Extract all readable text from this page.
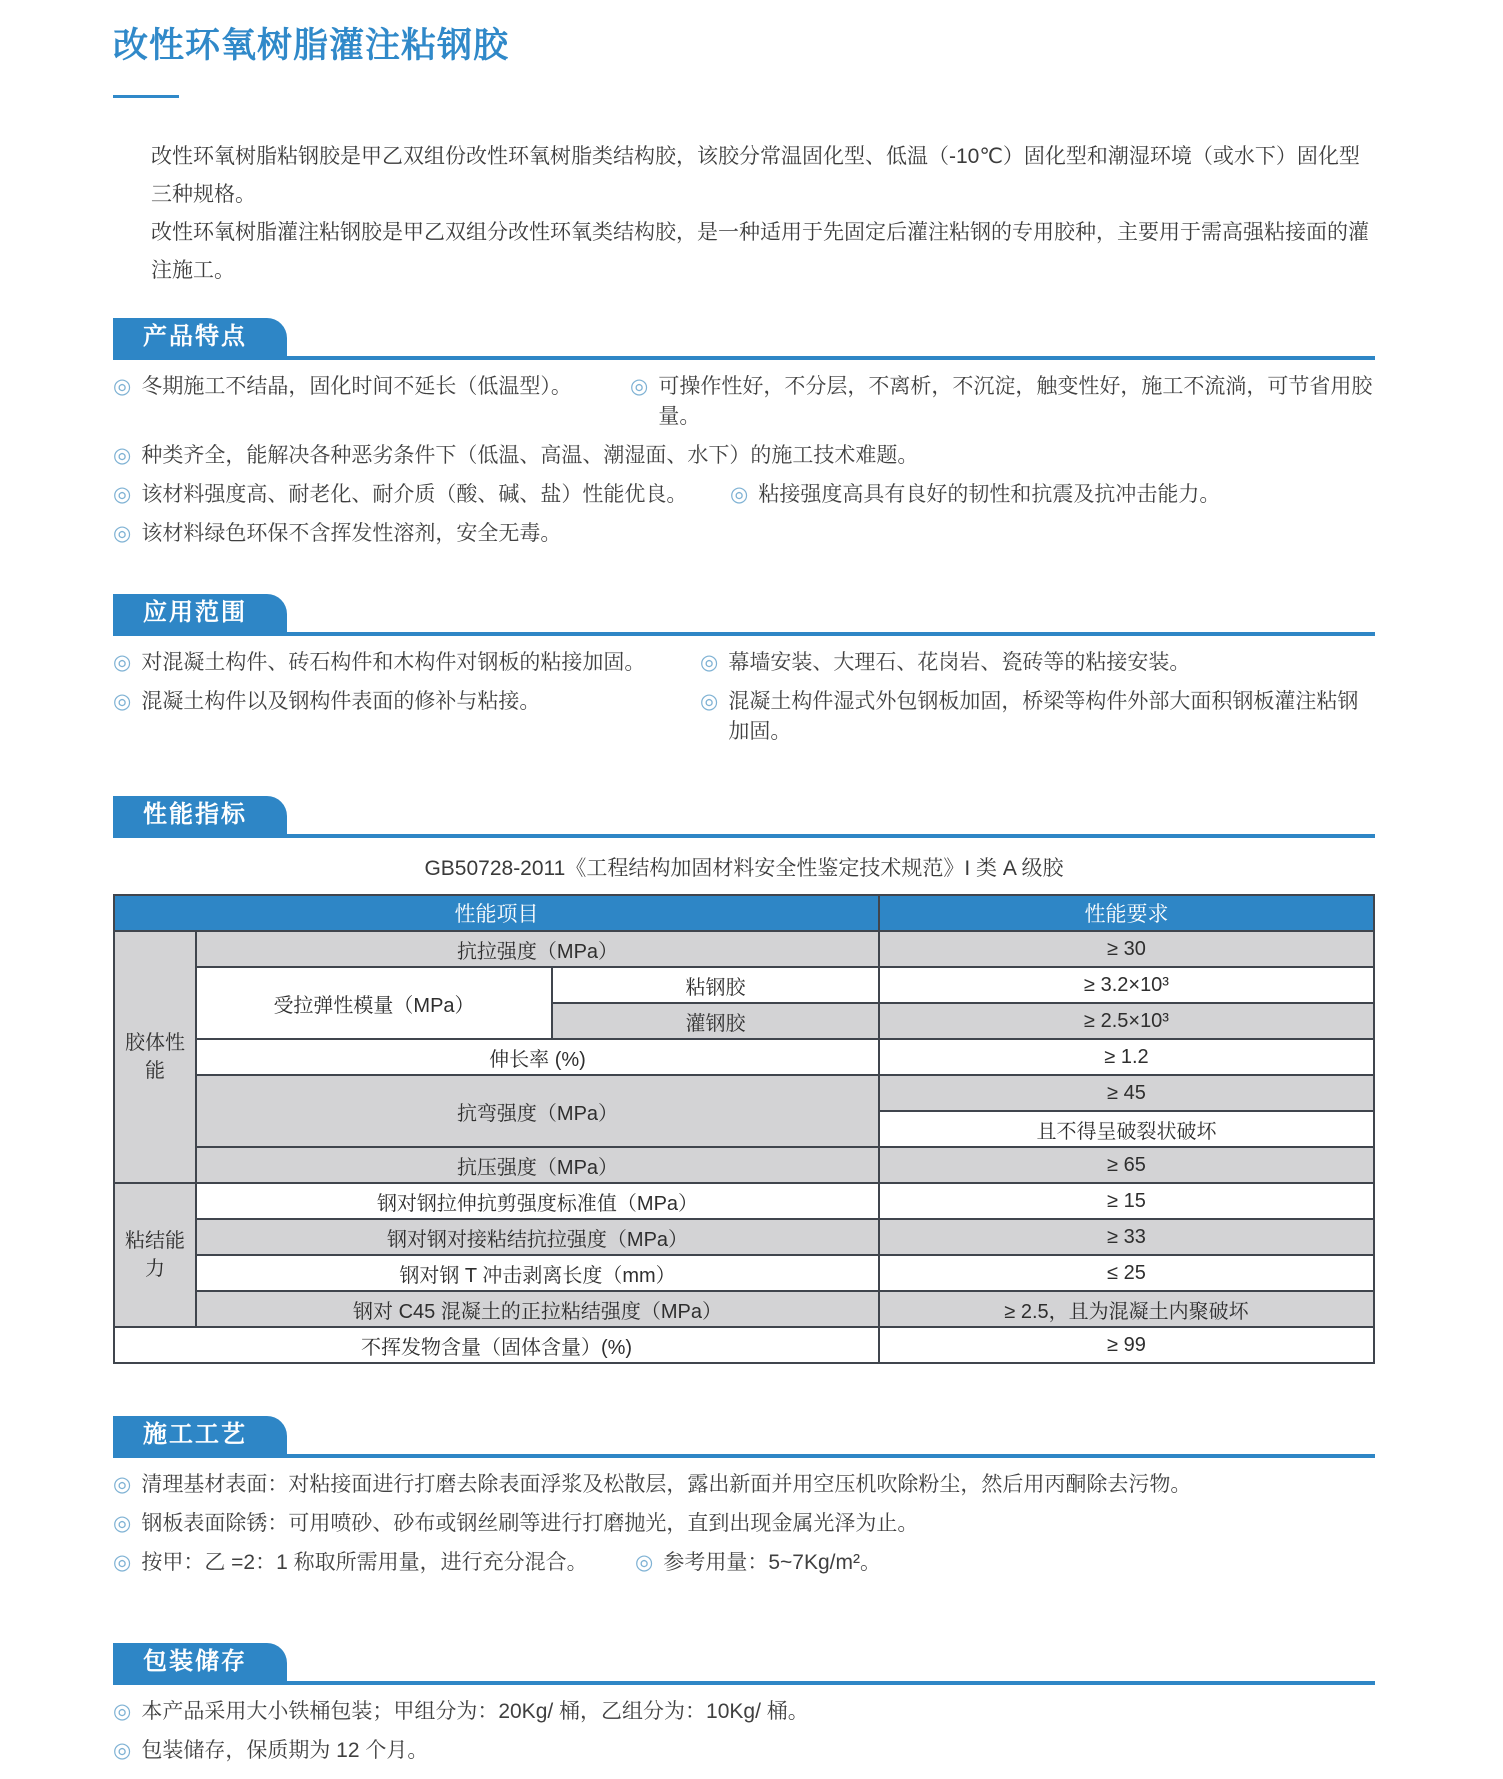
改性环氧树脂灌注粘钢胶

改性环氧树脂粘钢胶是甲乙双组份改性环氧树脂类结构胶，该胶分常温固化型、低温（-10℃）固化型和潮湿环境（或水下）固化型三种规格。

改性环氧树脂灌注粘钢胶是甲乙双组分改性环氧类结构胶，是一种适用于先固定后灌注粘钢的专用胶种，主要用于需高强粘接面的灌注施工。

产品特点
◎ 冬期施工不结晶，固化时间不延长（低温型）。	◎ 可操作性好，不分层，不离析，不沉淀，触变性好，施工不流淌，可节省用胶量。
◎ 种类齐全，能解决各种恶劣条件下（低温、高温、潮湿面、水下）的施工技术难题。
◎ 该材料强度高、耐老化、耐介质（酸、碱、盐）性能优良。 ◎ 粘接强度高具有良好的韧性和抗震及抗冲击能力。
◎ 该材料绿色环保不含挥发性溶剂，安全无毒。
应用范围
◎ 对混凝土构件、砖石构件和木构件对钢板的粘接加固。	◎ 幕墙安装、大理石、花岗岩、瓷砖等的粘接安装。
◎ 混凝土构件以及钢构件表面的修补与粘接。	◎ 混凝土构件湿式外包钢板加固，桥梁等构件外部大面积钢板灌注粘钢加固。
性能指标
GB50728-2011《工程结构加固材料安全性鉴定技术规范》I 类 A 级胶
性能项目			性能要求
胶体性能	抗拉强度（MPa）		≥ 30
	受拉弹性模量（MPa）	粘钢胶	≥ 3.2×10³
		灌钢胶	≥ 2.5×10³
	伸长率 (%)		≥ 1.2
	抗弯强度（MPa）		≥ 45
			且不得呈破裂状破坏
	抗压强度（MPa）		≥ 65
粘结能力	钢对钢拉伸抗剪强度标准值（MPa）		≥ 15
	钢对钢对接粘结抗拉强度（MPa）		≥ 33
	钢对钢 T 冲击剥离长度（mm）		≤ 25
	钢对 C45 混凝土的正拉粘结强度（MPa）		≥ 2.5，且为混凝土内聚破坏
不挥发物含量（固体含量）(%)			≥ 99
施工工艺
◎ 清理基材表面：对粘接面进行打磨去除表面浮浆及松散层，露出新面并用空压机吹除粉尘，然后用丙酮除去污物。
◎ 钢板表面除锈：可用喷砂、砂布或钢丝刷等进行打磨抛光，直到出现金属光泽为止。
◎ 按甲：乙 =2：1 称取所需用量，进行充分混合。 ◎ 参考用量：5~7Kg/m²。
包装储存
◎ 本产品采用大小铁桶包装；甲组分为：20Kg/ 桶，乙组分为：10Kg/ 桶。
◎ 包装储存，保质期为 12 个月。
